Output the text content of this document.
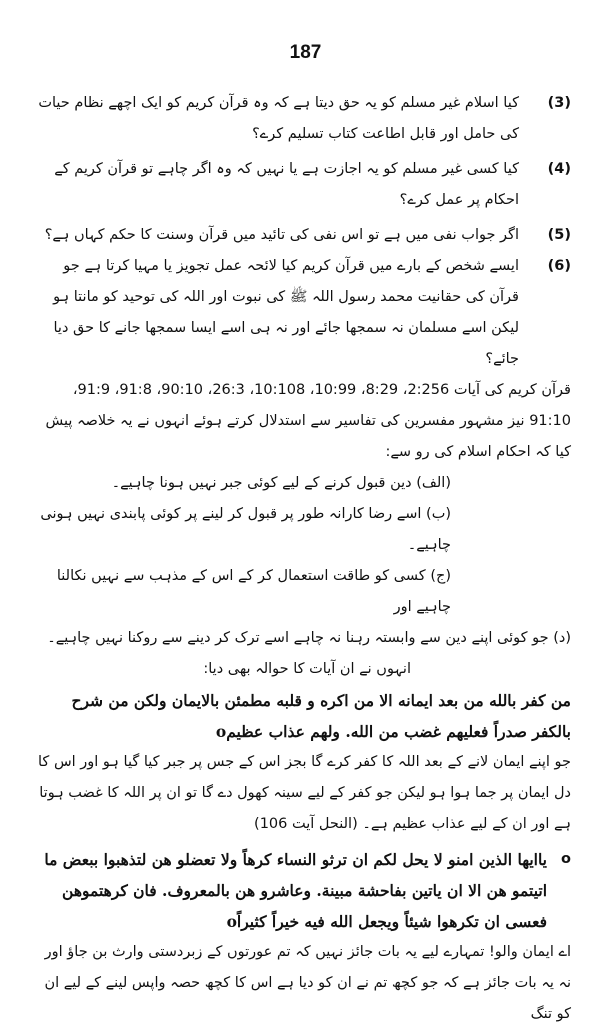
187
(3)
کیا اسلام غیر مسلم کو یہ حق دیتا ہے کہ وہ قرآن کریم کو ایک اچھے نظام حیات کی حامل اور قابل اطاعت کتاب تسلیم کرے؟
(4)
کیا کسی غیر مسلم کو یہ اجازت ہے یا نہیں کہ وہ اگر چاہے تو قرآن کریم کے احکام پر عمل کرے؟
(5)
اگر جواب نفی میں ہے تو اس نفی کی تائید میں قرآن وسنت کا حکم کہاں ہے؟
(6)
ایسے شخص کے بارے میں قرآن کریم کیا لائحہ عمل تجویز یا مہیا کرتا ہے جو قرآن کی حقانیت محمد رسول اللہ ﷺ کی نبوت اور اللہ کی توحید کو مانتا ہو لیکن اسے مسلمان نہ سمجھا جائے اور نہ ہی اسے ایسا سمجھا جانے کا حق دیا جائے؟

قرآن کریم کی آیات 2:256، 8:29، 10:99، 10:108، 26:3، 90:10، 91:8، 91:9، 91:10 نیز مشہور مفسرین کی تفاسیر سے استدلال کرتے ہوئے انہوں نے یہ خلاصہ پیش کیا کہ احکام اسلام کی رو سے:

(الف) دین قبول کرنے کے لیے کوئی جبر نہیں ہونا چاہیے۔
(ب) اسے رضا کارانہ طور پر قبول کر لینے پر کوئی پابندی نہیں ہونی چاہیے۔
(ج) کسی کو طاقت استعمال کر کے اس کے مذہب سے نہیں نکالنا چاہیے اور
(د) جو کوئی اپنے دین سے وابستہ رہنا نہ چاہے اسے ترک کر دینے سے روکنا نہیں چاہیے۔
انہوں نے ان آیات کا حوالہ بھی دیا:

من کفر بالله من بعد ایمانه الا من اکره و قلبه مطمئن بالایمان ولکن من شرح بالکفر صدراً فعلیهم غضب من الله. ولهم عذاب عظیمo

جو اپنے ایمان لانے کے بعد اللہ کا کفر کرے گا بجز اس کے جس پر جبر کیا گیا ہو اور اس کا دل ایمان پر جما ہوا ہو لیکن جو کفر کے لیے سینہ کھول دے گا تو ان پر اللہ کا غضب ہوتا ہے اور ان کے لیے عذاب عظیم ہے۔ (النحل آیت 106)

o

یاایها الذین امنو لا یحل لکم ان ترثو النساء کرهاً ولا تعضلو هن لتذهبوا ببعض ما اتیتمو هن الا ان یاتین بفاحشة مبینة. وعاشرو هن بالمعروف. فان کرهتموهن فعسی ان تکرهوا شیئاً ویجعل الله فیه خیراً کثیراًo

اے ایمان والو! تمہارے لیے یہ بات جائز نہیں کہ تم عورتوں کے زبردستی وارث بن جاؤ اور نہ یہ بات جائز ہے کہ جو کچھ تم نے ان کو دیا ہے اس کا کچھ حصہ واپس لینے کے لیے ان کو تنگ
